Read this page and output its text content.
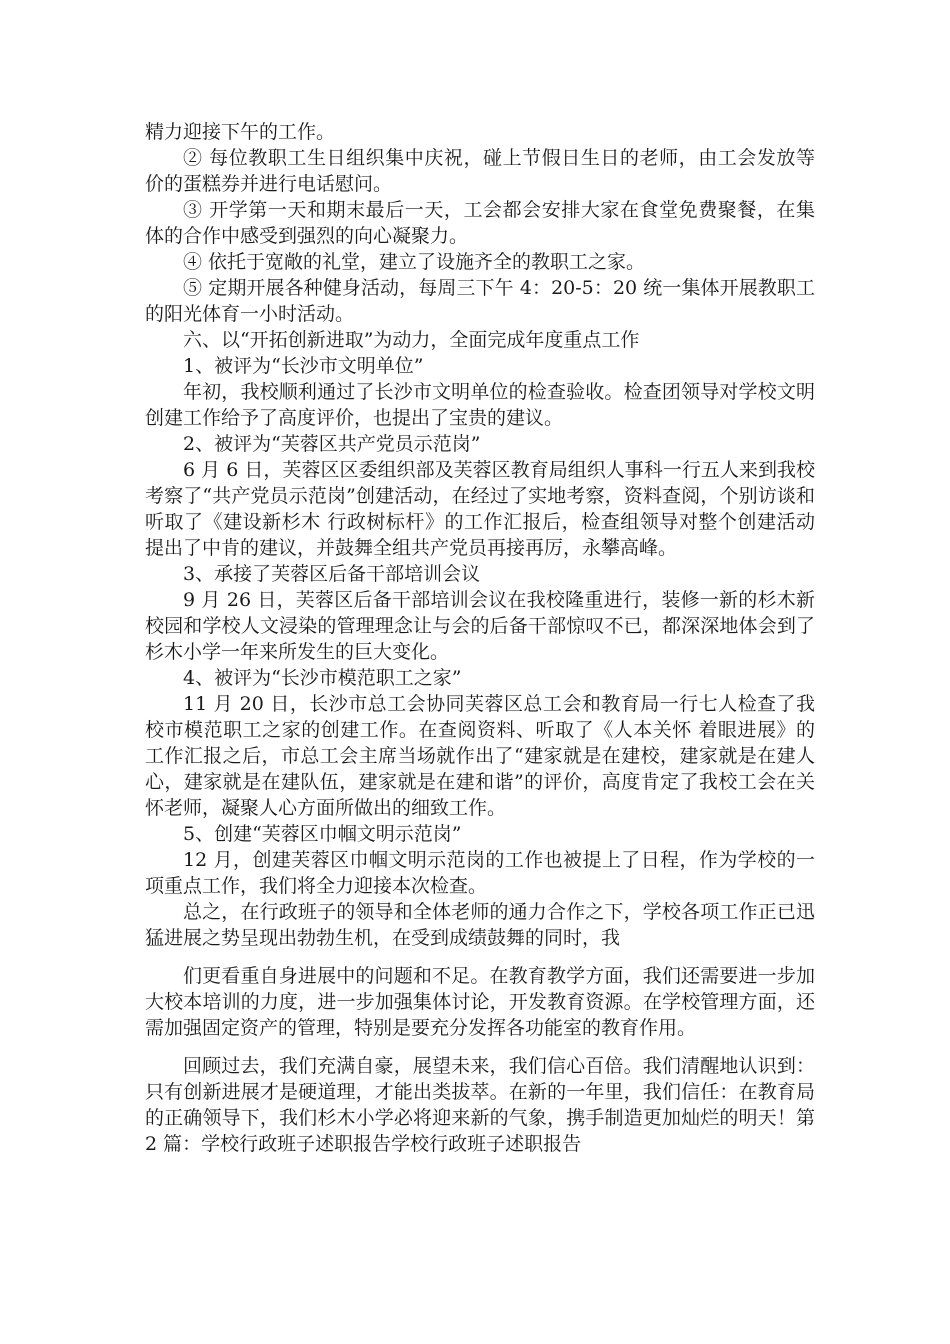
精力迎接下午的工作。

② 每位教职工生日组织集中庆祝，碰上节假日生日的老师，由工会发放等价的蛋糕券并进行电话慰问。

③ 开学第一天和期末最后一天，工会都会安排大家在食堂免费聚餐，在集体的合作中感受到强烈的向心凝聚力。

④ 依托于宽敞的礼堂，建立了设施齐全的教职工之家。

⑤ 定期开展各种健身活动，每周三下午 4：20-5：20 统一集体开展教职工的阳光体育一小时活动。

六、以“开拓创新进取”为动力，全面完成年度重点工作

1、被评为“长沙市文明单位”

年初，我校顺利通过了长沙市文明单位的检查验收。检查团领导对学校文明创建工作给予了高度评价，也提出了宝贵的建议。

2、被评为“芙蓉区共产党员示范岗”

6 月 6 日，芙蓉区区委组织部及芙蓉区教育局组织人事科一行五人来到我校考察了“共产党员示范岗”创建活动，在经过了实地考察，资料查阅，个别访谈和听取了《建设新杉木 行政树标杆》的工作汇报后，检查组领导对整个创建活动提出了中肯的建议，并鼓舞全组共产党员再接再厉，永攀高峰。

3、承接了芙蓉区后备干部培训会议

9 月 26 日，芙蓉区后备干部培训会议在我校隆重进行，装修一新的杉木新校园和学校人文浸染的管理理念让与会的后备干部惊叹不已，都深深地体会到了杉木小学一年来所发生的巨大变化。

4、被评为“长沙市模范职工之家”

11 月 20 日，长沙市总工会协同芙蓉区总工会和教育局一行七人检查了我校市模范职工之家的创建工作。在查阅资料、听取了《人本关怀 着眼进展》的工作汇报之后，市总工会主席当场就作出了“建家就是在建校，建家就是在建人心，建家就是在建队伍，建家就是在建和谐”的评价，高度肯定了我校工会在关怀老师，凝聚人心方面所做出的细致工作。

5、创建“芙蓉区巾帼文明示范岗”

12 月，创建芙蓉区巾帼文明示范岗的工作也被提上了日程，作为学校的一项重点工作，我们将全力迎接本次检查。

总之，在行政班子的领导和全体老师的通力合作之下，学校各项工作正已迅猛进展之势呈现出勃勃生机，在受到成绩鼓舞的同时，我

们更看重自身进展中的问题和不足。在教育教学方面，我们还需要进一步加大校本培训的力度，进一步加强集体讨论，开发教育资源。在学校管理方面，还需加强固定资产的管理，特别是要充分发挥各功能室的教育作用。

回顾过去，我们充满自豪，展望未来，我们信心百倍。我们清醒地认识到：只有创新进展才是硬道理，才能出类拔萃。在新的一年里，我们信任：在教育局的正确领导下，我们杉木小学必将迎来新的气象，携手制造更加灿烂的明天！第 2 篇：学校行政班子述职报告学校行政班子述职报告
